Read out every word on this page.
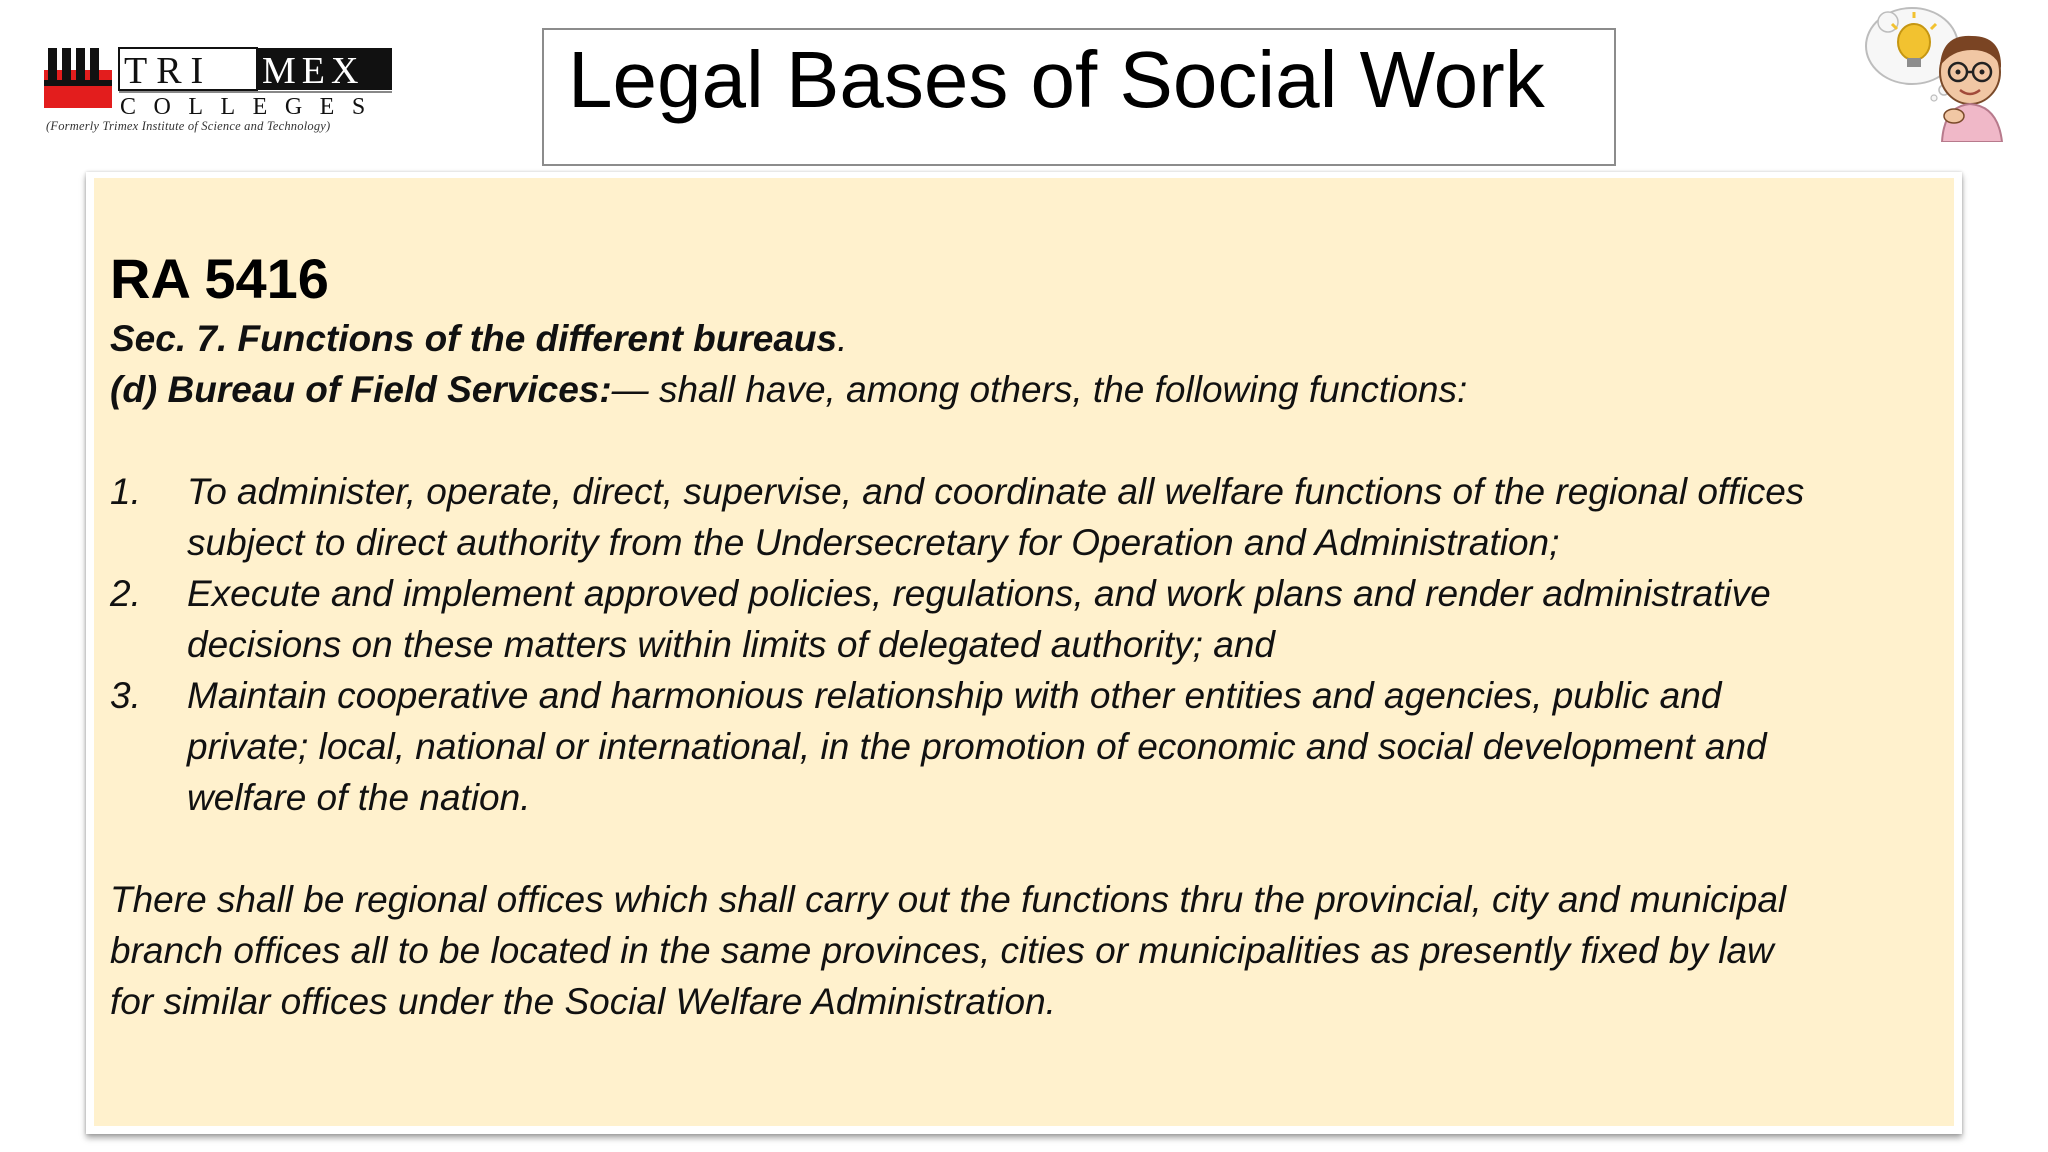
TRI MEX
COLLEGES
(Formerly Trimex Institute of Science and Technology)
Legal Bases of Social Work
RA 5416
Sec. 7. Functions of the different bureaus.
(d) Bureau of Field Services:— shall have, among others, the following functions:
1. To administer, operate, direct, supervise, and coordinate all welfare functions of the regional offices
subject to direct authority from the Undersecretary for Operation and Administration;
2. Execute and implement approved policies, regulations, and work plans and render administrative
decisions on these matters within limits of delegated authority; and
3. Maintain cooperative and harmonious relationship with other entities and agencies, public and
private; local, national or international, in the promotion of economic and social development and
welfare of the nation.
There shall be regional offices which shall carry out the functions thru the provincial, city and municipal
branch offices all to be located in the same provinces, cities or municipalities as presently fixed by law
for similar offices under the Social Welfare Administration.
